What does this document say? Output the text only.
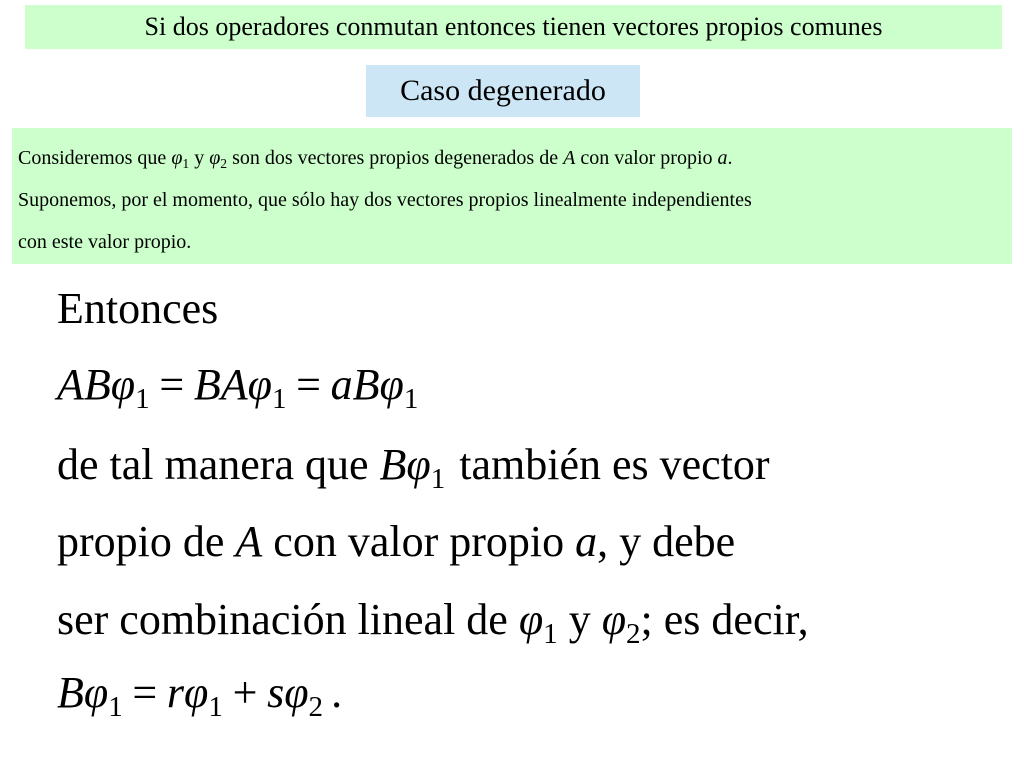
Si dos operadores conmutan entonces tienen vectores propios comunes
Caso degenerado
Consideremos que $\varphi_1$ y $\varphi_2$ son dos vectores propios degenerados de A con valor propio a.
Suponemos, por el momento, que sólo hay dos vectores propios linealmente independientes
con este valor propio.
Entonces
ABφ$_1$ = BAφ$_1$ = aBφ$_1$
de tal manera que $B\varphi_1$ también es vector
propio de A con valor propio a, y debe
ser combinación lineal de $\varphi_1$ y $\varphi_2$; es decir,
$B\varphi_1 = r\varphi_1 + s\varphi_2$ .
